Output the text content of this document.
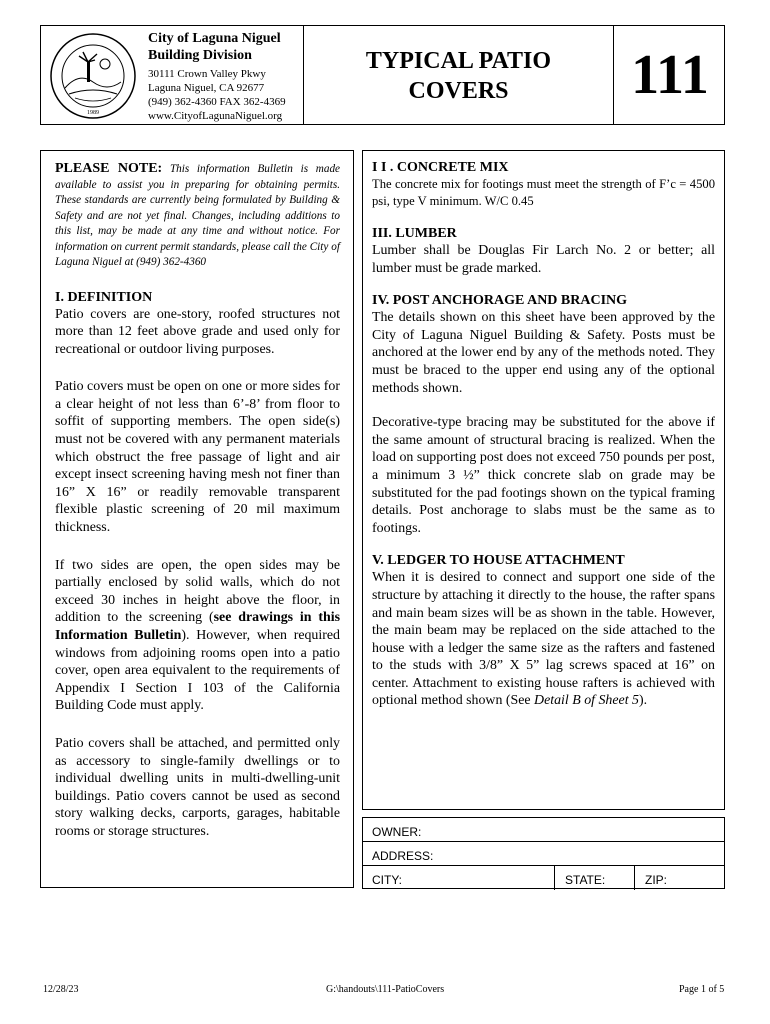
1989
City of Laguna Niguel
Building Division
30111 Crown Valley Pkwy
Laguna Niguel, CA 92677
(949) 362-4360 FAX 362-4369
www.CityofLagunaNiguel.org
TYPICAL PATIO
COVERS	111

PLEASE NOTE: This information Bulletin is made available to assist you in preparing for obtaining permits. These standards are currently being formulated by Building & Safety and are not yet final. Changes, including additions to this list, may be made at any time and without notice. For information on current permit standards, please call the City of Laguna Niguel at (949) 362-4360

I. DEFINITION

Patio covers are one-story, roofed structures not more than 12 feet above grade and used only for recreational or outdoor living purposes.

Patio covers must be open on one or more sides for a clear height of not less than 6’-8’ from floor to soffit of supporting members. The open side(s) must not be covered with any permanent materials which obstruct the free passage of light and air except insect screening having mesh not finer than 16” X 16” or readily removable transparent flexible plastic screening of 20 mil maximum thickness.

If two sides are open, the open sides may be partially enclosed by solid walls, which do not exceed 30 inches in height above the floor, in addition to the screening (see drawings in this Information Bulletin). However, when required windows from adjoining rooms open into a patio cover, open area equivalent to the requirements of Appendix I Section I 103 of the California Building Code must apply.

Patio covers shall be attached, and permitted only as accessory to single-family dwellings or to individual dwelling units in multi-dwelling-unit buildings. Patio covers cannot be used as second story walking decks, carports, garages, habitable rooms or storage structures.

I I . CONCRETE MIX

The concrete mix for footings must meet the strength of F’c = 4500 psi, type V minimum. W/C 0.45

III. LUMBER

Lumber shall be Douglas Fir Larch No. 2 or better; all lumber must be grade marked.

IV. POST ANCHORAGE AND BRACING

The details shown on this sheet have been approved by the City of Laguna Niguel Building & Safety. Posts must be anchored at the lower end by any of the methods noted. They must be braced to the upper end using any of the optional methods shown.

Decorative-type bracing may be substituted for the above if the same amount of structural bracing is realized. When the load on supporting post does not exceed 750 pounds per post, a minimum 3 ½” thick concrete slab on grade may be substituted for the pad footings shown on the typical framing details. Post anchorage to slabs must be the same as to footings.

V. LEDGER TO HOUSE ATTACHMENT

When it is desired to connect and support one side of the structure by attaching it directly to the house, the rafter spans and main beam sizes will be as shown in the table. However, the main beam may be replaced on the side attached to the house with a ledger the same size as the rafters and fastened to the studs with 3/8” X 5” lag screws spaced at 16” on center. Attachment to existing house rafters is achieved with optional method shown (See Detail B of Sheet 5).

OWNER:
ADDRESS:
CITY:	STATE:	ZIP:
12/28/23	G:\handouts\111-PatioCovers	Page 1 of 5
